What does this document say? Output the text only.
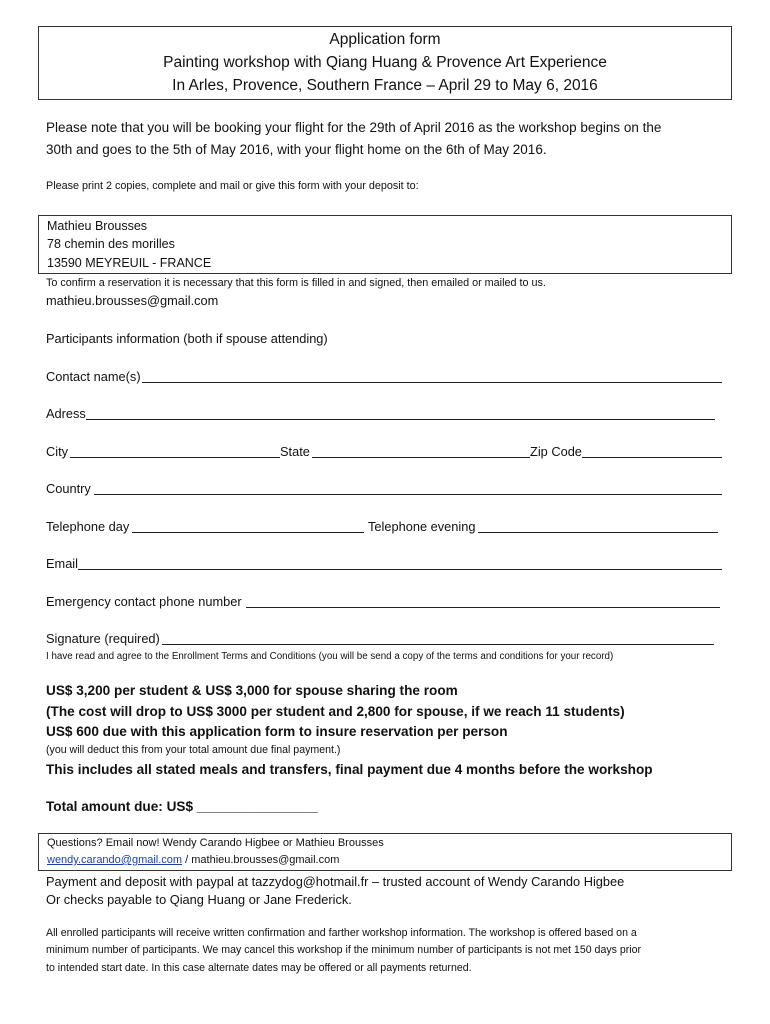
Application form
Painting workshop with Qiang Huang & Provence Art Experience
In Arles, Provence, Southern France – April 29 to May 6, 2016
Please note that you will be booking your flight for the 29th of April 2016 as the workshop begins on the
30th and goes to the 5th of May 2016, with your flight home on the 6th of May 2016.
Please print 2 copies, complete and mail or give this form with your deposit to:
Mathieu Brousses
78 chemin des morilles
13590 MEYREUIL - FRANCE
To confirm a reservation it is necessary that this form is filled in and signed, then emailed or mailed to us.
mathieu.brousses@gmail.com
Participants information (both if spouse attending)
Contact name(s)
Adress
City	State	Zip Code
Country
Telephone day	Telephone evening
Email
Emergency contact phone number
Signature (required)
I have read and agree to the Enrollment Terms and Conditions (you will be send a copy of the terms and conditions for your record)
US$ 3,200 per student & US$ 3,000 for spouse sharing the room
(The cost will drop to US$ 3000 per student and 2,800 for spouse, if we reach 11 students)
US$ 600 due with this application form to insure reservation per person
(you will deduct this from your total amount due final payment.)
This includes all stated meals and transfers, final payment due 4 months before the workshop
Total amount due: US$ ________________
Questions? Email now! Wendy Carando Higbee or Mathieu Brousses
wendy.carando@gmail.com / mathieu.brousses@gmail.com
Payment and deposit with paypal at tazzydog@hotmail.fr – trusted account of Wendy Carando Higbee
Or checks payable to Qiang Huang or Jane Frederick.
All enrolled participants will receive written confirmation and farther workshop information. The workshop is offered based on a
minimum number of participants. We may cancel this workshop if the minimum number of participants is not met 150 days prior
to intended start date. In this case alternate dates may be offered or all payments returned.
